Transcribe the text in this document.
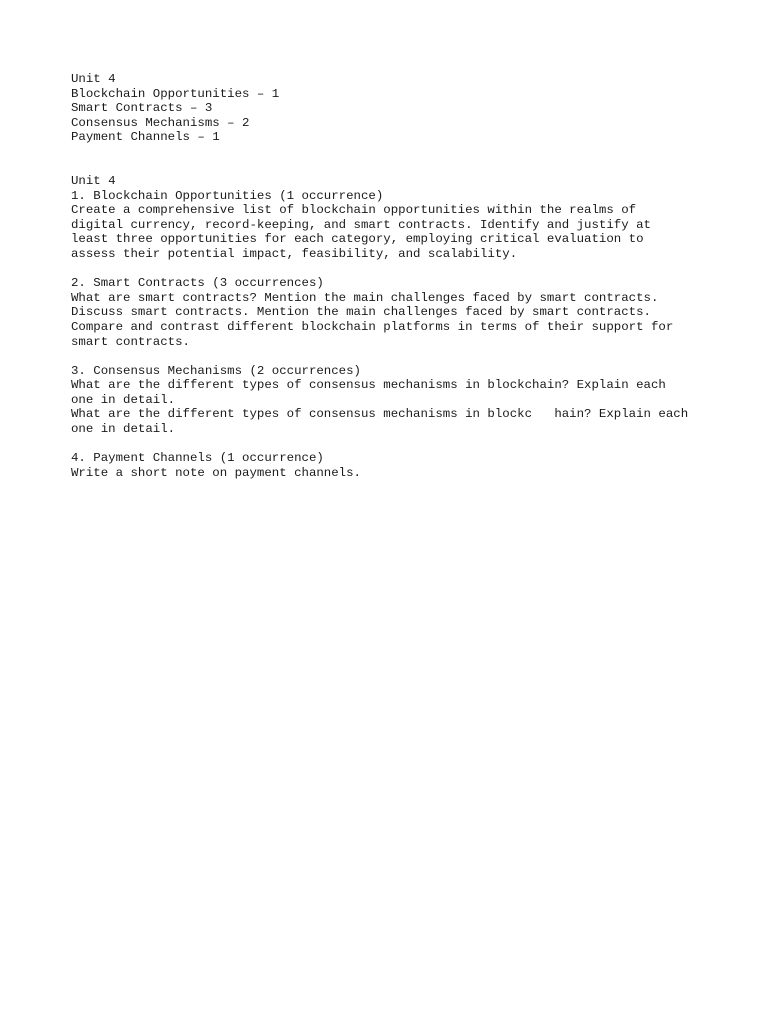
Unit 4
Blockchain Opportunities – 1
Smart Contracts – 3
Consensus Mechanisms – 2
Payment Channels – 1
Unit 4
1. Blockchain Opportunities (1 occurrence)
Create a comprehensive list of blockchain opportunities within the realms of
digital currency, record-keeping, and smart contracts. Identify and justify at
least three opportunities for each category, employing critical evaluation to
assess their potential impact, feasibility, and scalability.
2. Smart Contracts (3 occurrences)
What are smart contracts? Mention the main challenges faced by smart contracts.
Discuss smart contracts. Mention the main challenges faced by smart contracts.
Compare and contrast different blockchain platforms in terms of their support for
smart contracts.
3. Consensus Mechanisms (2 occurrences)
What are the different types of consensus mechanisms in blockchain? Explain each
one in detail.
What are the different types of consensus mechanisms in blockc   hain? Explain each
one in detail.
4. Payment Channels (1 occurrence)
Write a short note on payment channels.
